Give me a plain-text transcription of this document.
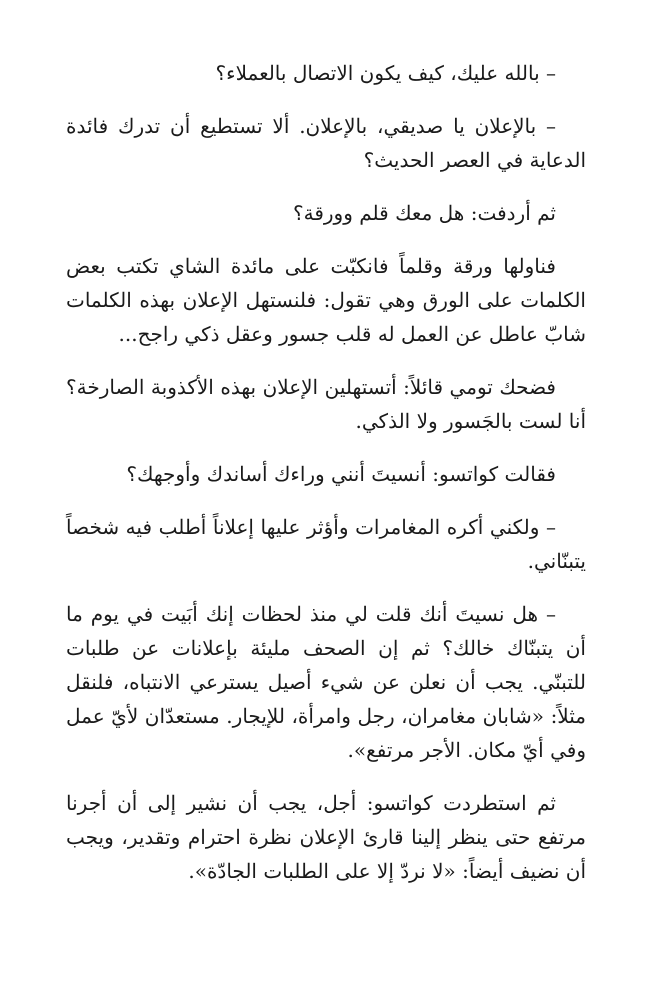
– بالله عليك، كيف يكون الاتصال بالعملاء؟

– بالإعلان يا صديقي، بالإعلان. ألا تستطيع أن تدرك فائدة الدعاية في العصر الحديث؟

ثم أردفت: هل معك قلم وورقة؟

فناولها ورقة وقلماً فانكبّت على مائدة الشاي تكتب بعض الكلمات على الورق وهي تقول: فلنستهل الإعلان بهذه الكلمات شابّ عاطل عن العمل له قلب جسور وعقل ذكي راجح...

فضحك تومي قائلاً: أتستهلين الإعلان بهذه الأكذوبة الصارخة؟ أنا لست بالجَسور ولا الذكي.

فقالت كواتسو: أنسيتَ أنني وراءك أساندك وأوجهك؟

– ولكني أكره المغامرات وأؤثر عليها إعلاناً أطلب فيه شخصاً يتبنّاني.

– هل نسيتَ أنك قلت لي منذ لحظات إنك أبَيت في يوم ما أن يتبنّاك خالك؟ ثم إن الصحف مليئة بإعلانات عن طلبات للتبنّي. يجب أن نعلن عن شيء أصيل يسترعي الانتباه، فلنقل مثلاً: «شابان مغامران، رجل وامرأة، للإيجار. مستعدّان لأيّ عمل وفي أيّ مكان. الأجر مرتفع».

ثم استطردت كواتسو: أجل، يجب أن نشير إلى أن أجرنا مرتفع حتى ينظر إلينا قارئ الإعلان نظرة احترام وتقدير، ويجب أن نضيف أيضاً: «لا نردّ إلا على الطلبات الجادّة».
